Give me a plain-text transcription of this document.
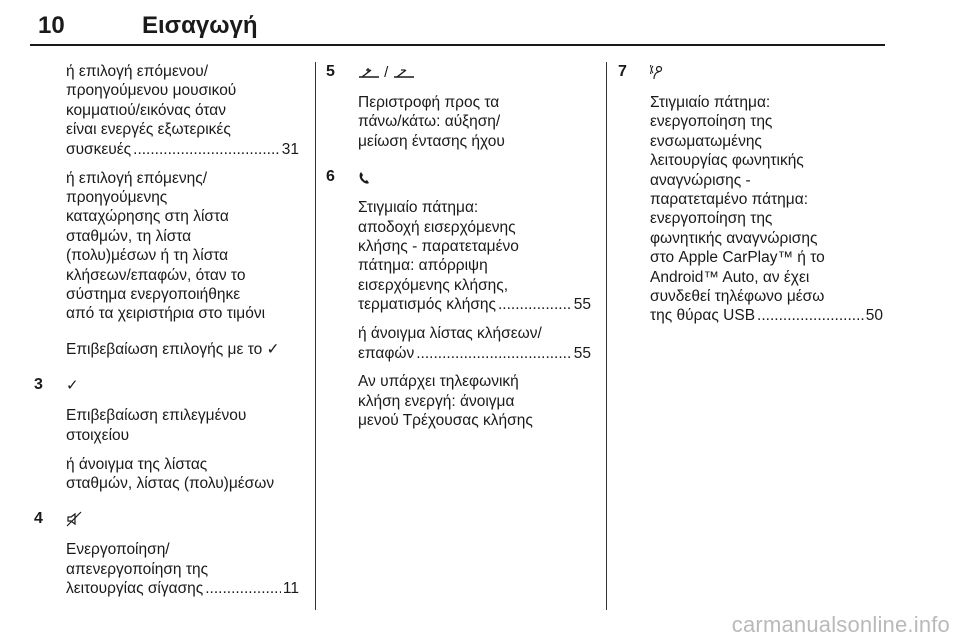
10	Εισαγωγή

ή επιλογή επόμενου/
προηγούμενου μουσικού
κομματιού/εικόνας όταν
είναι ενεργές εξωτερικές

συσκευές .....	31

ή επιλογή επόμενης/
προηγούμενης
καταχώρησης στη λίστα
σταθμών, τη λίστα
(πολυ)μέσων ή τη λίστα
κλήσεων/επαφών, όταν το
σύστημα ενεργοποιήθηκε
από τα χειριστήρια στο τιμόνι

Επιβεβαίωση επιλογής με το ✓

3 ✓

Επιβεβαίωση επιλεγμένου
στοιχείου

ή άνοιγμα της λίστας
σταθμών, λίστας (πολυ)μέσων

4

Ενεργοποίηση/
απενεργοποίηση της

λειτουργίας σίγασης .....	11

5	/

Περιστροφή προς τα
πάνω/κάτω: αύξηση/
μείωση έντασης ήχου

6

Στιγμιαίο πάτημα:
αποδοχή εισερχόμενης
κλήσης - παρατεταμένο
πάτημα: απόρριψη
εισερχόμενης κλήσης,

τερματισμός κλήσης .....	55

ή άνοιγμα λίστας κλήσεων/

επαφών .....	55

Αν υπάρχει τηλεφωνική
κλήση ενεργή: άνοιγμα
μενού Τρέχουσας κλήσης

7

Στιγμιαίο πάτημα:
ενεργοποίηση της
ενσωματωμένης
λειτουργίας φωνητικής
αναγνώρισης -
παρατεταμένο πάτημα:
ενεργοποίηση της
φωνητικής αναγνώρισης
στο Apple CarPlay™ ή το
Android™ Auto, αν έχει
συνδεθεί τηλέφωνο μέσω

της θύρας USB .....	50

carmanualsonline.info
